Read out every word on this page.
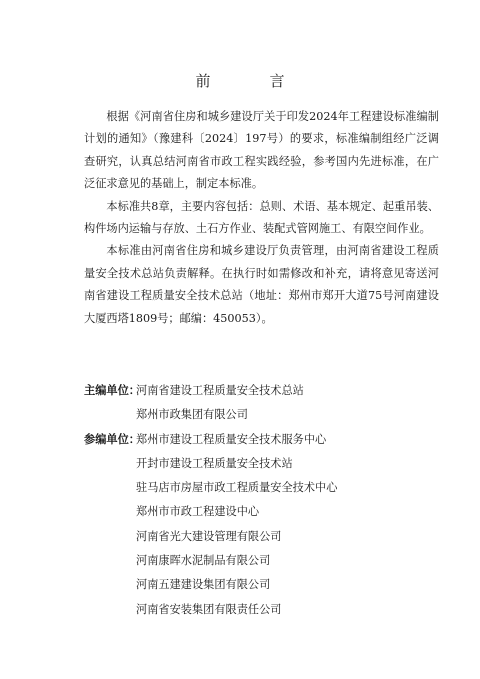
前　言

根据《河南省住房和城乡建设厅关于印发2024年工程建设标准编制计划的通知》（豫建科〔2024〕197号）的要求，标准编制组经广泛调查研究，认真总结河南省市政工程实践经验，参考国内先进标准，在广泛征求意见的基础上，制定本标准。

本标准共8章，主要内容包括：总则、术语、基本规定、起重吊装、构件场内运输与存放、土石方作业、装配式管网施工、有限空间作业。

本标准由河南省住房和城乡建设厅负责管理，由河南省建设工程质量安全技术总站负责解释。在执行时如需修改和补充，请将意见寄送河南省建设工程质量安全技术总站（地址：郑州市郑开大道75号河南建设大厦西塔1809号；邮编：450053）。

主编单位：
河南省建设工程质量安全技术总站
郑州市政集团有限公司
参编单位：
郑州市建设工程质量安全技术服务中心
开封市建设工程质量安全技术站
驻马店市房屋市政工程质量安全技术中心
郑州市市政工程建设中心
河南省光大建设管理有限公司
河南康晖水泥制品有限公司
河南五建建设集团有限公司
河南省安装集团有限责任公司
